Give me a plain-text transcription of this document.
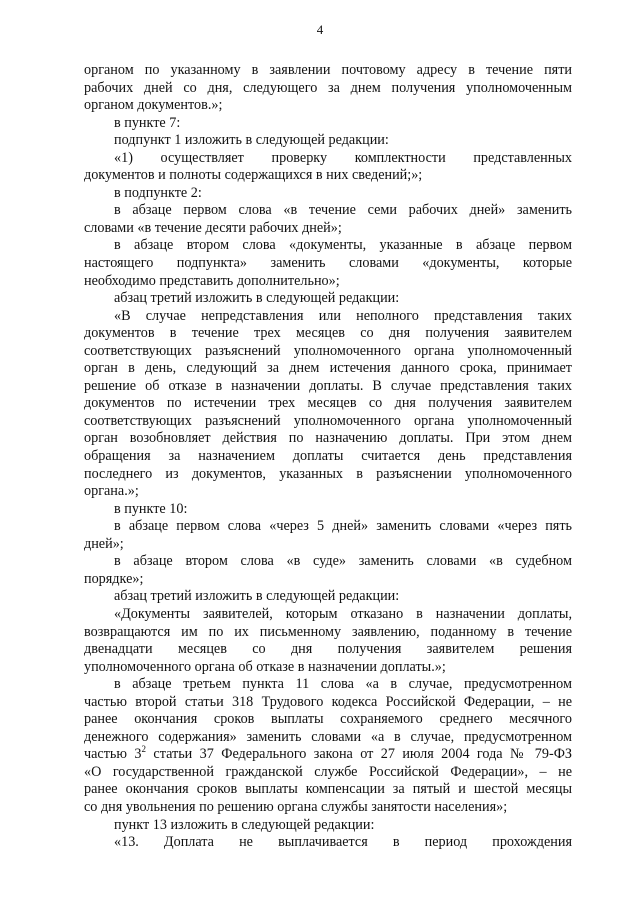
4

органом по указанному в заявлении почтовому адресу в течение пяти

рабочих дней со дня, следующего за днем получения уполномоченным

органом документов.»;

в пункте 7:

подпункт 1 изложить в следующей редакции:

«1) осуществляет проверку комплектности представленных

документов и полноты содержащихся в них сведений;»;

в подпункте 2:

в абзаце первом слова «в течение семи рабочих дней» заменить

словами «в течение десяти рабочих дней»;

в абзаце втором слова «документы, указанные в абзаце первом

настоящего подпункта» заменить словами «документы, которые

необходимо представить дополнительно»;

абзац третий изложить в следующей редакции:

«В случае непредставления или неполного представления таких

документов в течение трех месяцев со дня получения заявителем

соответствующих разъяснений уполномоченного органа уполномоченный

орган в день, следующий за днем истечения данного срока, принимает

решение об отказе в назначении доплаты. В случае представления таких

документов по истечении трех месяцев со дня получения заявителем

соответствующих разъяснений уполномоченного органа уполномоченный

орган возобновляет действия по назначению доплаты. При этом днем

обращения за назначением доплаты считается день представления

последнего из документов, указанных в разъяснении уполномоченного

органа.»;

в пункте 10:

в абзаце первом слова «через 5 дней» заменить словами «через пять

дней»;

в абзаце втором слова «в суде» заменить словами «в судебном

порядке»;

абзац третий изложить в следующей редакции:

«Документы заявителей, которым отказано в назначении доплаты,

возвращаются им по их письменному заявлению, поданному в течение

двенадцати месяцев со дня получения заявителем решения

уполномоченного органа об отказе в назначении доплаты.»;

в абзаце третьем пункта 11 слова «а в случае, предусмотренном

частью второй статьи 318 Трудового кодекса Российской Федерации, – не

ранее окончания сроков выплаты сохраняемого среднего месячного

денежного содержания» заменить словами «а в случае, предусмотренном

частью $3^2$ статьи 37 Федерального закона от 27 июля 2004 года № 79-ФЗ

«О государственной гражданской службе Российской Федерации», – не

ранее окончания сроков выплаты компенсации за пятый и шестой месяцы

со дня увольнения по решению органа службы занятости населения»;

пункт 13 изложить в следующей редакции:

«13. Доплата не выплачивается в период прохождения
